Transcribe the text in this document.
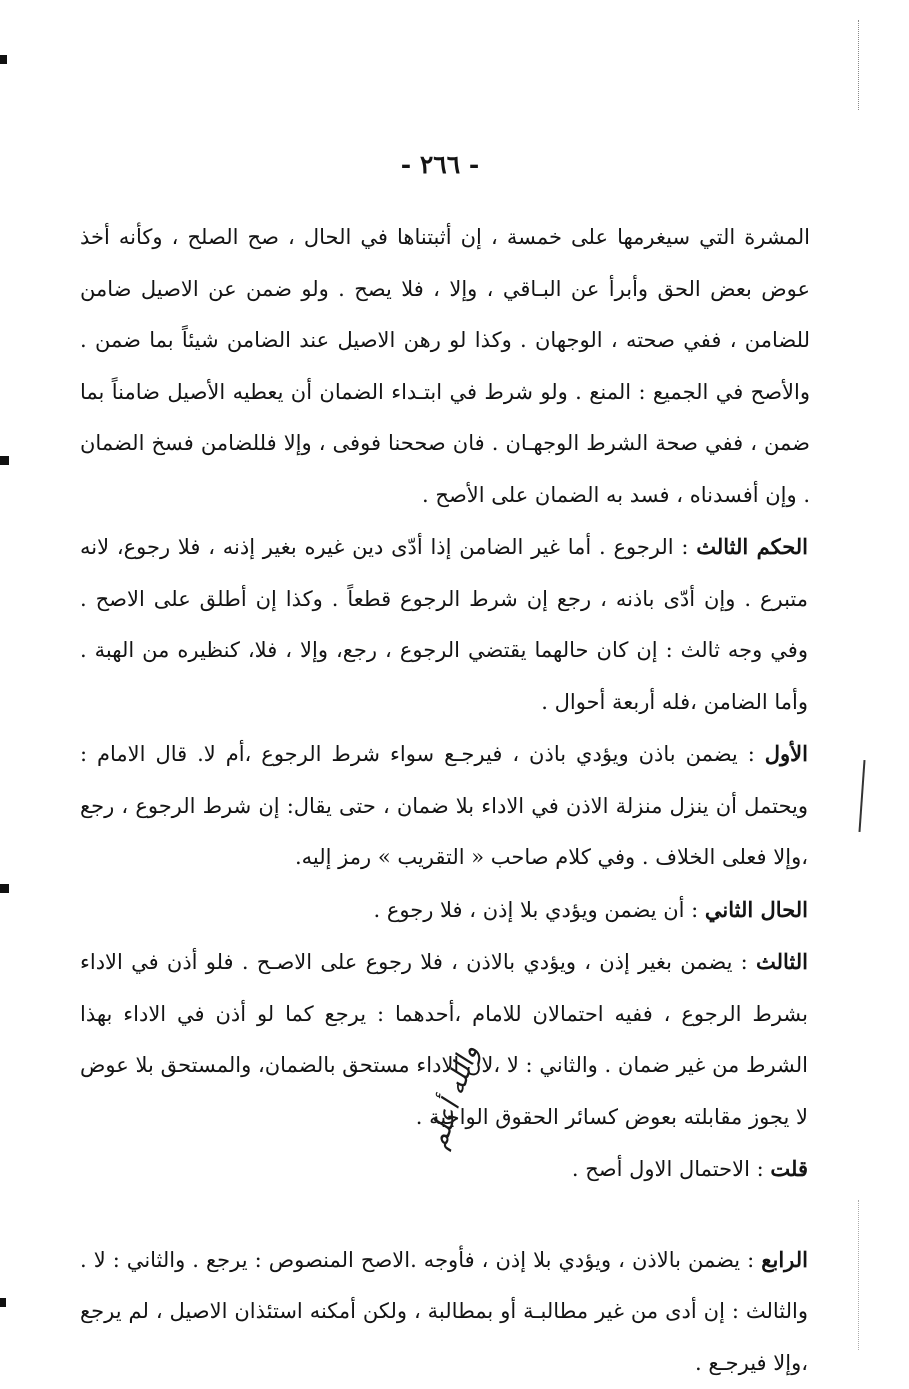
- ٢٦٦ -

المشرة التي سيغرمها على خمسة ، إن أثبتناها في الحال ، صح الصلح ، وكأنه أخذ عوض بعض الحق وأبرأ عن البـاقي ، وإلا ، فلا يصح . ولو ضمن عن الاصيل ضامن للضامن ، ففي صحته ، الوجهان . وكذا لو رهن الاصيل عند الضامن شيئاً بما ضمن . والأصح في الجميع : المنع . ولو شرط في ابتـداء الضمان أن يعطيه الأصيل ضامناً بما ضمن ، ففي صحة الشرط الوجهـان . فان صححنا فوفى ، وإلا فللضامن فسخ الضمان . وإن أفسدناه ، فسد به الضمان على الأصح .

الحكم الثالث : الرجوع . أما غير الضامن إذا أدّى دين غيره بغير إذنه ، فلا رجوع، لانه متبرع . وإن أدّى باذنه ، رجع إن شرط الرجوع قطعاً . وكذا إن أطلق على الاصح . وفي وجه ثالث : إن كان حالهما يقتضي الرجوع ، رجع، وإلا ، فلا، كنظيره من الهبة . وأما الضامن ،فله أربعة أحوال .

الأول : يضمن باذن ويؤدي باذن ، فيرجـع سواء شرط الرجوع ،أم لا. قال الامام : ويحتمل أن ينزل منزلة الاذن في الاداء بلا ضمان ، حتى يقال: إن شرط الرجوع ، رجع ،وإلا فعلى الخلاف . وفي كلام صاحب « التقريب » رمز إليه.

الحال الثاني : أن يضمن ويؤدي بلا إذن ، فلا رجوع .

الثالث : يضمن بغير إذن ، ويؤدي بالاذن ، فلا رجوع على الاصـح . فلو أذن في الاداء بشرط الرجوع ، ففيه احتمالان للامام ،أحدهما : يرجع كما لو أذن في الاداء بهذا الشرط من غير ضمان . والثاني : لا ،لان الاداء مستحق بالضمان، والمستحق بلا عوض لا يجوز مقابلته بعوض كسائر الحقوق الواجبة .

قلت : الاحتمال الاول أصح .

الرابع : يضمن بالاذن ، ويؤدي بلا إذن ، فأوجه .الاصح المنصوص : يرجع . والثاني : لا . والثالث : إن أدى من غير مطالبـة أو بمطالبة ، ولكن أمكنه استئذان الاصيل ، لم يرجع ،وإلا فيرجـع .

والله أعلم
